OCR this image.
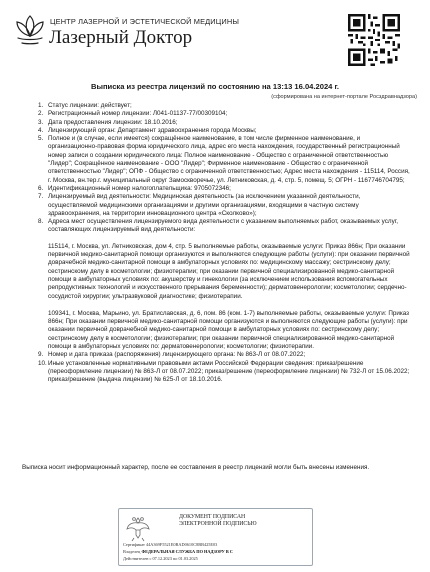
ЦЕНТР ЛАЗЕРНОЙ И ЭСТЕТИЧЕСКОЙ МЕДИЦИНЫ
Лазерный Доктор
Выписка из реестра лицензий по состоянию на 13:13 16.04.2024 г.
(сформирована на интернет-портале Росздравнадзора)
1. Статус лицензии: действует;
2. Регистрационный номер лицензии: Л041-01137-77/00309104;
3. Дата предоставления лицензии: 18.10.2016;
4. Лицензирующий орган: Департамент здравоохранения города Москвы;
5. Полное и (в случае, если имеется) сокращённое наименование, в том числе фирменное наименование, и организационно-правовая форма юридического лица, адрес его места нахождения, государственный регистрационный номер записи о создании юридического лица: Полное наименование - Общество с ограниченной ответственностью "Лидер"; Сокращённое наименование - ООО "Лидер"; Фирменное наименование - Общество с ограниченной ответственностью "Лидер"; ОПФ - Общество с ограниченной ответственностью; Адрес места нахождения - 115114, Россия, г. Москва, вн.тер.г. муниципальный округ Замоскворечье, ул. Летниковская, д. 4, стр. 5, помещ. 5; ОГРН - 1167746704795;
6. Идентификационный номер налогоплательщика: 9705072346;
7. Лицензируемый вид деятельности: Медицинская деятельность (за исключением указанной деятельности, осуществляемой медицинскими организациями и другими организациями, входящими в частную систему здравоохранения, на территории инновационного центра «Сколково»);
8. Адреса мест осуществления лицензируемого вида деятельности с указанием выполняемых работ, оказываемых услуг, составляющих лицензируемый вид деятельности:
115114, г. Москва, ул. Летниковская, дом 4, стр. 5 выполняемые работы, оказываемые услуги: Приказ 866н; При оказании первичной медико-санитарной помощи организуются и выполняются следующие работы (услуги): при оказании первичной доврачебной медико-санитарной помощи в амбулаторных условиях по: медицинскому массажу; сестринскому делу; сестринскому делу в косметологии; физиотерапии; при оказании первичной специализированной медико-санитарной помощи в амбулаторных условиях по: акушерству и гинекологии (за исключением использования вспомогательных репродуктивных технологий и искусственного прерывания беременности); дерматовенерологии; косметологии; сердечно-сосудистой хирургии; ультразвуковой диагностике; физиотерапии.
109341, г. Москва, Марьино, ул. Братиславская, д. 6, пом. 86 (ком. 1-7) выполняемые работы, оказываемые услуги: Приказ 866н; При оказании первичной медико-санитарной помощи организуются и выполняются следующие работы (услуги): при оказании первичной доврачебной медико-санитарной помощи в амбулаторных условиях по: сестринскому делу; сестринскому делу в косметологии; физиотерапии; при оказании первичной специализированной медико-санитарной помощи в амбулаторных условиях по: дерматовенерологии; косметологии; физиотерапии.
9. Номер и дата приказа (распоряжения) лицензирующего органа: № 863-Л от 08.07.2022;
10. Иные установленные нормативными правовыми актами Российской Федерации сведения: приказ/решение (переоформление лицензии) № 863-Л от 08.07.2022; приказ/решение (переоформление лицензии) № 732-Л от 15.06.2022; приказ/решение (выдача лицензии) № 625-Л от 18.10.2016.
Выписка носит информационный характер, после ее составления в реестр лицензий могли быть внесены изменения.
ДОКУМЕНТ ПОДПИСАН
ЭЛЕКТРОННОЙ ПОДПИСЬЮ
Сертификат 44A369F5521E0BAD0610C8BB425E03
Владелец ФЕДЕРАЛЬНАЯ СЛУЖБА ПО НАДЗОРУ В С
Действителен с 07.12.2023 по 01.03.2025
